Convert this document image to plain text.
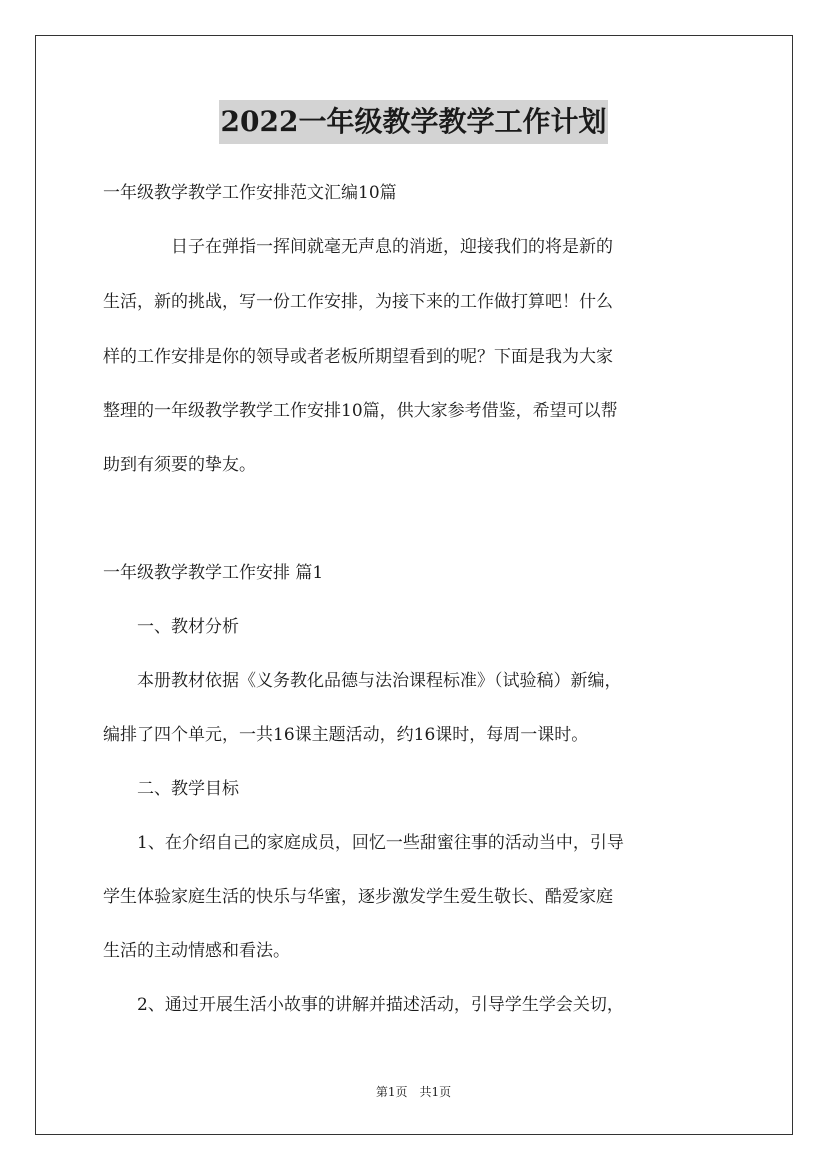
2022一年级教学教学工作计划
一年级教学教学工作安排范文汇编10篇
　　　　日子在弹指一挥间就毫无声息的消逝，迎接我们的将是新的
生活，新的挑战，写一份工作安排，为接下来的工作做打算吧！什么
样的工作安排是你的领导或者老板所期望看到的呢？下面是我为大家
整理的一年级教学教学工作安排10篇，供大家参考借鉴，希望可以帮
助到有须要的挚友。
一年级教学教学工作安排 篇1
　　一、教材分析
　　本册教材依据《义务教化品德与法治课程标准》（试验稿）新编，
编排了四个单元，一共16课主题活动，约16课时，每周一课时。
　　二、教学目标
　　1、在介绍自己的家庭成员，回忆一些甜蜜往事的活动当中，引导
学生体验家庭生活的快乐与华蜜，逐步激发学生爱生敬长、酷爱家庭
生活的主动情感和看法。
　　2、通过开展生活小故事的讲解并描述活动，引导学生学会关切，
第1页　共1页
